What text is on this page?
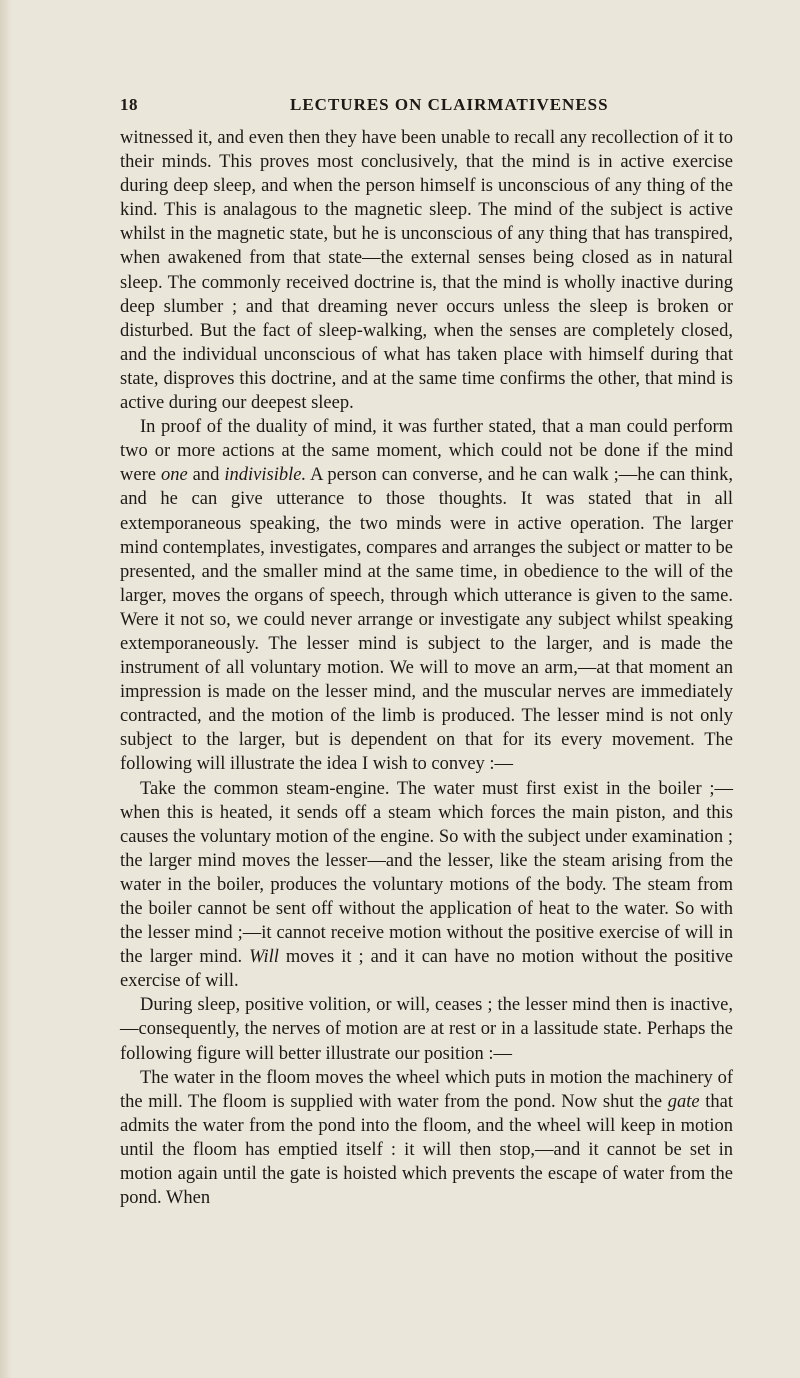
18	LECTURES ON CLAIRMATIVENESS

witnessed it, and even then they have been unable to recall any recollection of it to their minds. This proves most conclusively, that the mind is in active exercise during deep sleep, and when the person himself is unconscious of any thing of the kind. This is analagous to the magnetic sleep. The mind of the subject is active whilst in the magnetic state, but he is unconscious of any thing that has transpired, when awakened from that state—the external senses being closed as in natural sleep. The commonly received doctrine is, that the mind is wholly inactive during deep slumber ; and that dreaming never occurs unless the sleep is broken or disturbed. But the fact of sleep-walking, when the senses are completely closed, and the individual unconscious of what has taken place with himself during that state, disproves this doctrine, and at the same time confirms the other, that mind is active during our deepest sleep.

In proof of the duality of mind, it was further stated, that a man could perform two or more actions at the same moment, which could not be done if the mind were one and indivisible. A person can converse, and he can walk ;—he can think, and he can give utterance to those thoughts. It was stated that in all extemporaneous speaking, the two minds were in active operation. The larger mind contemplates, investigates, compares and arranges the subject or matter to be presented, and the smaller mind at the same time, in obedience to the will of the larger, moves the organs of speech, through which utterance is given to the same. Were it not so, we could never arrange or investigate any subject whilst speaking extemporaneously. The lesser mind is subject to the larger, and is made the instrument of all voluntary motion. We will to move an arm,—at that moment an impression is made on the lesser mind, and the muscular nerves are immediately contracted, and the motion of the limb is produced. The lesser mind is not only subject to the larger, but is dependent on that for its every movement. The following will illustrate the idea I wish to convey :—

Take the common steam-engine. The water must first exist in the boiler ;—when this is heated, it sends off a steam which forces the main piston, and this causes the voluntary motion of the engine. So with the subject under examination ; the larger mind moves the lesser—and the lesser, like the steam arising from the water in the boiler, produces the voluntary motions of the body. The steam from the boiler cannot be sent off without the application of heat to the water. So with the lesser mind ;—it cannot receive motion without the positive exercise of will in the larger mind. Will moves it ; and it can have no motion without the positive exercise of will.

During sleep, positive volition, or will, ceases ; the lesser mind then is inactive,—consequently, the nerves of motion are at rest or in a lassitude state. Perhaps the following figure will better illustrate our position :—

The water in the floom moves the wheel which puts in motion the machinery of the mill. The floom is supplied with water from the pond. Now shut the gate that admits the water from the pond into the floom, and the wheel will keep in motion until the floom has emptied itself : it will then stop,—and it cannot be set in motion again until the gate is hoisted which prevents the escape of water from the pond. When
